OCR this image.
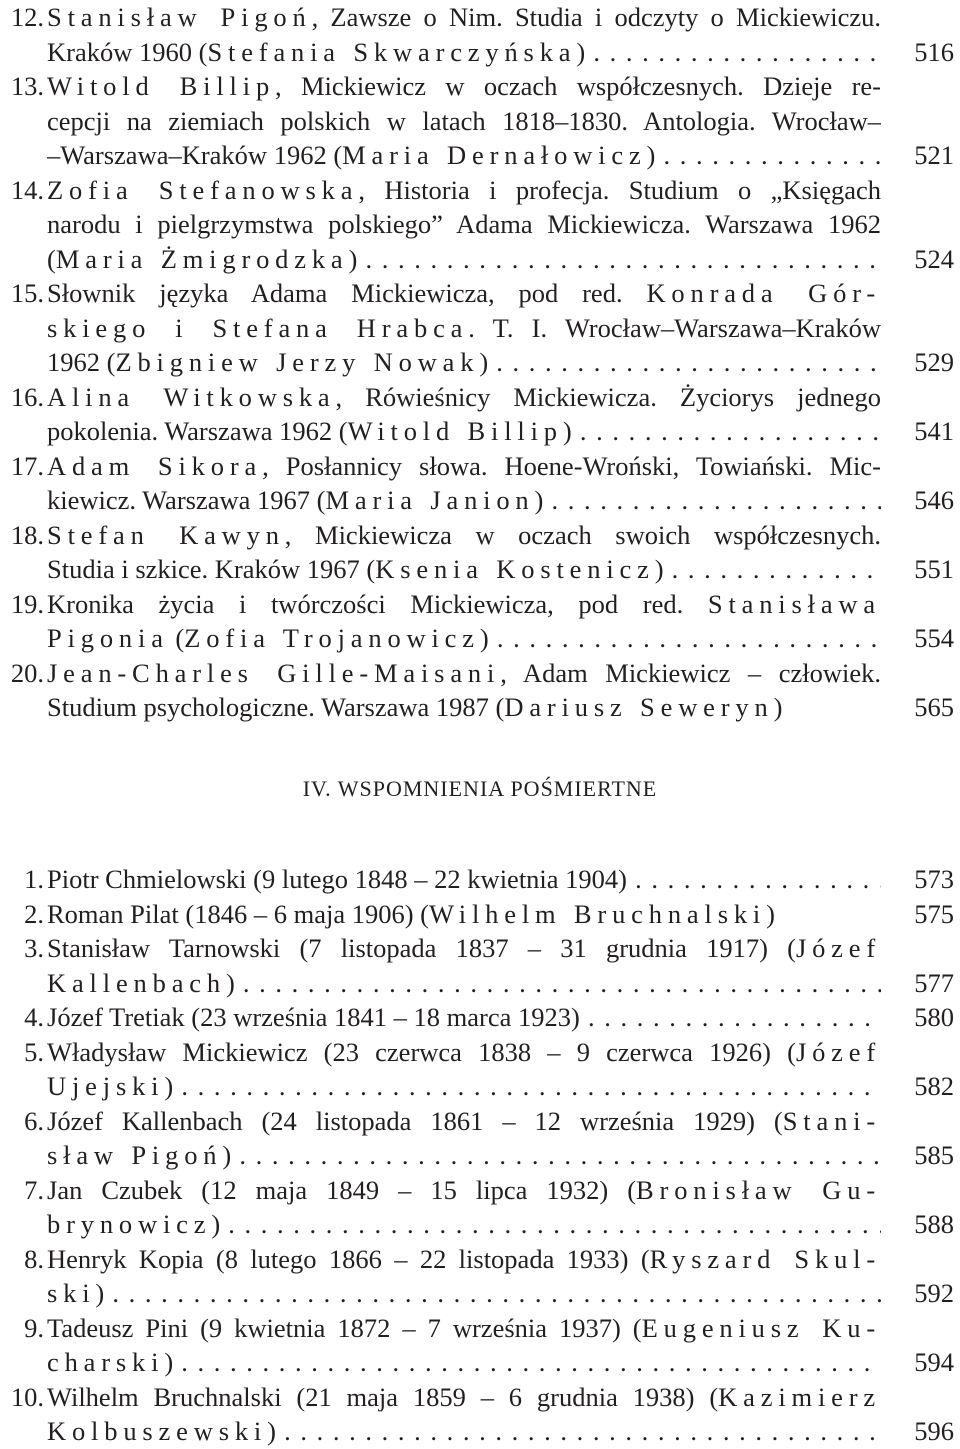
12. Stanisław Pigoń, Zawsze o Nim. Studia i odczyty o Mickiewiczu.
Kraków 1960 (Stefania Skwarczyńska) . . .	516
13. Witold Billip, Mickiewicz w oczach współczesnych. Dzieje re-
cepcji na ziemiach polskich w latach 1818–1830. Antologia. Wrocław–
–Warszawa–Kraków 1962 (Maria Dernałowicz) . . .	521
14. Zofia Stefanowska, Historia i profecja. Studium o „Księgach
narodu i pielgrzymstwa polskiego” Adama Mickiewicza. Warszawa 1962
(Maria Żmigrodzka) . . .	524
15. Słownik języka Adama Mickiewicza, pod red. Konrada Gór-
skiego i Stefana Hrabca. T. I. Wrocław–Warszawa–Kraków
1962 (Zbigniew Jerzy Nowak) . . .	529
16. Alina Witkowska, Rówieśnicy Mickiewicza. Życiorys jednego
pokolenia. Warszawa 1962 (Witold Billip) . . .	541
17. Adam Sikora, Posłannicy słowa. Hoene-Wroński, Towiański. Mic-
kiewicz. Warszawa 1967 (Maria Janion) . . .	546
18. Stefan Kawyn, Mickiewicza w oczach swoich współczesnych.
Studia i szkice. Kraków 1967 (Ksenia Kostenicz) . . .	551
19. Kronika życia i twórczości Mickiewicza, pod red. Stanisława
Pigonia (Zofia Trojanowicz) . . .	554
20. Jean-Charles Gille-Maisani, Adam Mickiewicz – człowiek.
Studium psychologiczne. Warszawa 1987 (Dariusz Seweryn)	565
IV. WSPOMNIENIA POŚMIERTNE
1. Piotr Chmielowski (9 lutego 1848 – 22 kwietnia 1904) . . .	573
2. Roman Pilat (1846 – 6 maja 1906) (Wilhelm Bruchnalski)	575
3. Stanisław Tarnowski (7 listopada 1837 – 31 grudnia 1917) (Józef
Kallenbach) . . .	577
4. Józef Tretiak (23 września 1841 – 18 marca 1923) . . .	580
5. Władysław Mickiewicz (23 czerwca 1838 – 9 czerwca 1926) (Józef
Ujejski) . . .	582
6. Józef Kallenbach (24 listopada 1861 – 12 września 1929) (Stani-
sław Pigoń) . . .	585
7. Jan Czubek (12 maja 1849 – 15 lipca 1932) (Bronisław Gu-
brynowicz) . . .	588
8. Henryk Kopia (8 lutego 1866 – 22 listopada 1933) (Ryszard Skul-
ski) . . .	592
9. Tadeusz Pini (9 kwietnia 1872 – 7 września 1937) (Eugeniusz Ku-
charski) . . .	594
10. Wilhelm Bruchnalski (21 maja 1859 – 6 grudnia 1938) (Kazimierz
Kolbuszewski) . . .	596
